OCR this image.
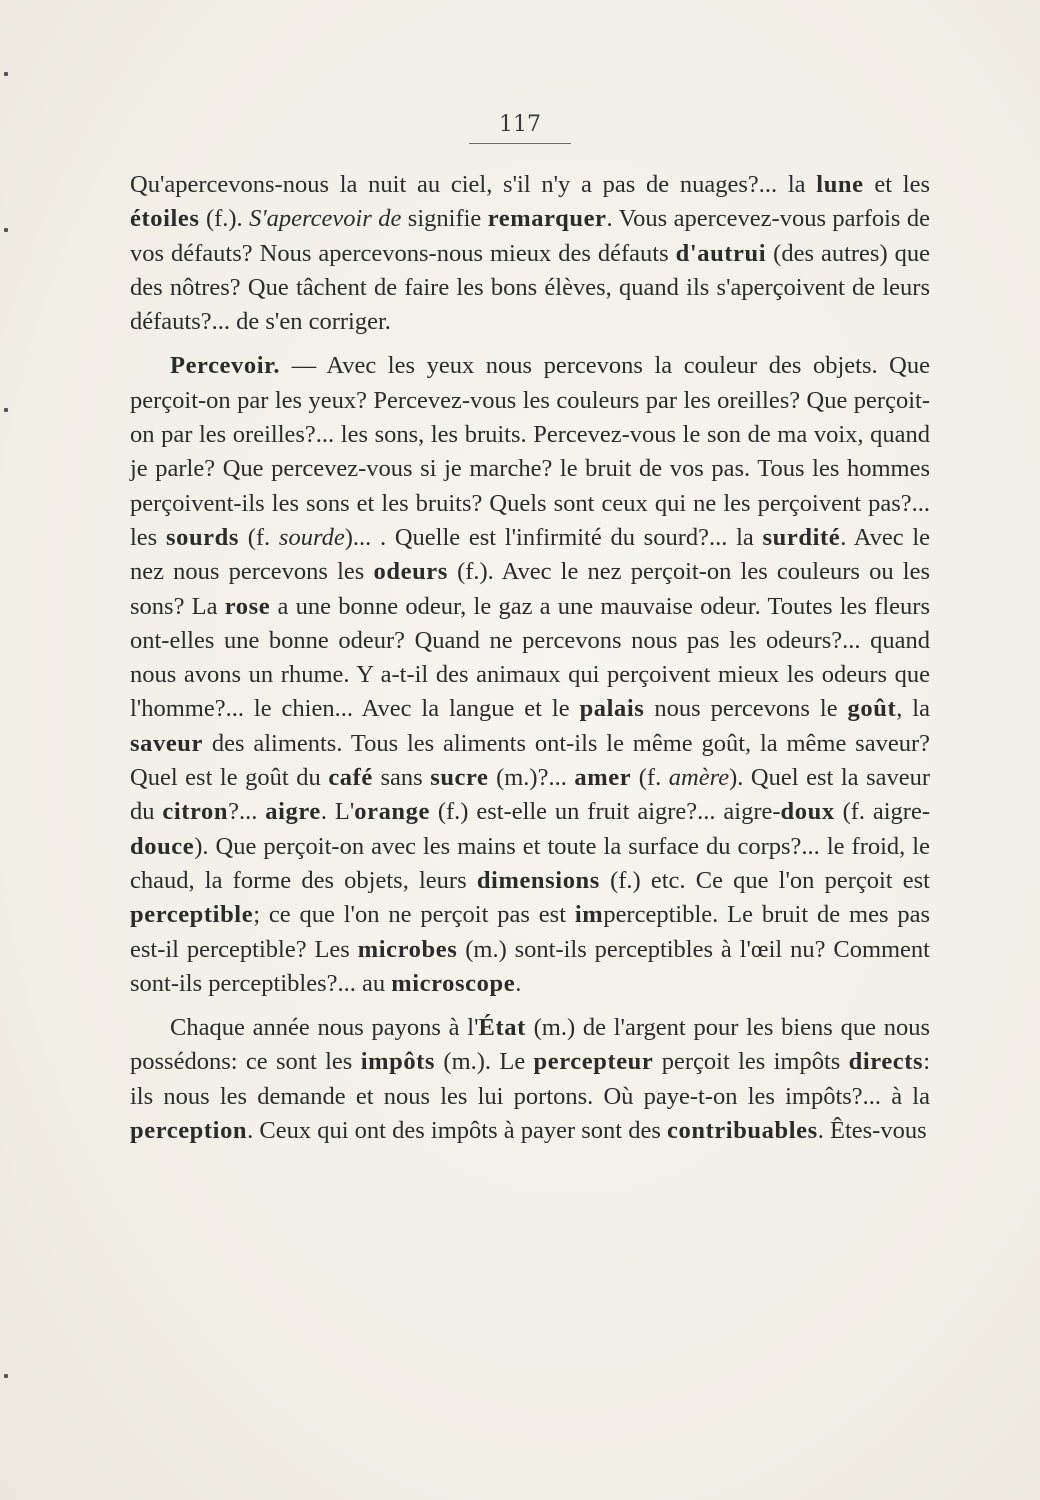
117

Qu'apercevons-nous la nuit au ciel, s'il n'y a pas de nuages?... la lune et les étoiles (f.). S'apercevoir de signifie remarquer. Vous apercevez-vous parfois de vos défauts? Nous apercevons-nous mieux des défauts d'autrui (des autres) que des nôtres? Que tâchent de faire les bons élèves, quand ils s'aperçoivent de leurs défauts?... de s'en corriger.

Percevoir. — Avec les yeux nous percevons la couleur des objets. Que perçoit-on par les yeux? Percevez-vous les couleurs par les oreilles? Que perçoit-on par les oreilles?... les sons, les bruits. Percevez-vous le son de ma voix, quand je parle? Que percevez-vous si je marche? le bruit de vos pas. Tous les hommes perçoivent-ils les sons et les bruits? Quels sont ceux qui ne les perçoivent pas?... les sourds (f. sourde)... . Quelle est l'infirmité du sourd?... la surdité. Avec le nez nous percevons les odeurs (f.). Avec le nez perçoit-on les couleurs ou les sons? La rose a une bonne odeur, le gaz a une mauvaise odeur. Toutes les fleurs ont-elles une bonne odeur? Quand ne percevons nous pas les odeurs?... quand nous avons un rhume. Y a-t-il des animaux qui perçoivent mieux les odeurs que l'homme?... le chien... Avec la langue et le palais nous percevons le goût, la saveur des aliments. Tous les aliments ont-ils le même goût, la même saveur? Quel est le goût du café sans sucre (m.)?... amer (f. amère). Quel est la saveur du citron?... aigre. L'orange (f.) est-elle un fruit aigre?... aigre-doux (f. aigre-douce). Que perçoit-on avec les mains et toute la surface du corps?... le froid, le chaud, la forme des objets, leurs dimensions (f.) etc. Ce que l'on perçoit est perceptible; ce que l'on ne perçoit pas est imperceptible. Le bruit de mes pas est-il perceptible? Les microbes (m.) sont-ils perceptibles à l'œil nu? Comment sont-ils perceptibles?... au microscope.

Chaque année nous payons à l'État (m.) de l'argent pour les biens que nous possédons: ce sont les impôts (m.). Le percepteur perçoit les impôts directs: ils nous les demande et nous les lui portons. Où paye-t-on les impôts?... à la perception. Ceux qui ont des impôts à payer sont des contribuables. Êtes-vous
